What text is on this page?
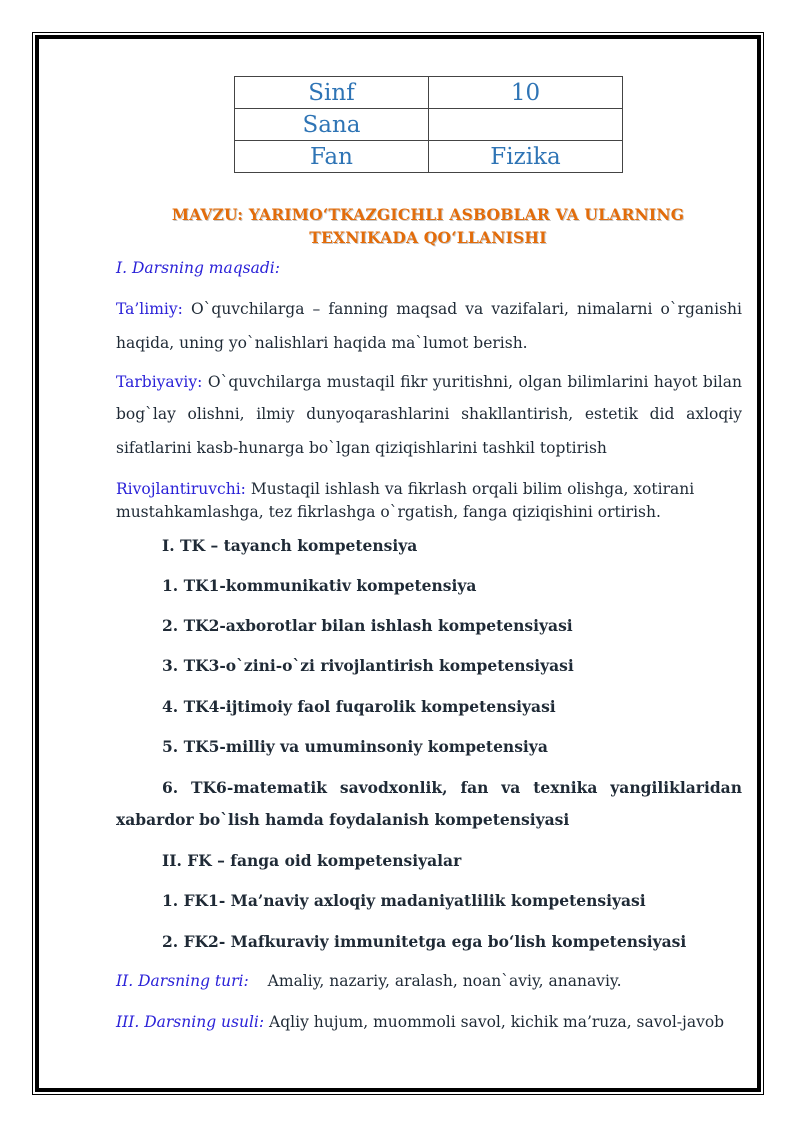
Sinf	10
Sana	
Fan	Fizika
MAVZU: YARIMO‘TKAZGICHLI ASBOBLAR VA ULARNING
TEXNIKADA QO‘LLANISHI
I. Darsning maqsadi:
Ta’limiy: O`quvchilarga – fanning maqsad va vazifalari, nimalarni o`rganishi
haqida, uning yo`nalishlari haqida ma`lumot berish.
Tarbiyaviy: O`quvchilarga mustaqil fikr yuritishni, olgan bilimlarini hayot bilan
bog`lay olishni, ilmiy dunyoqarashlarini shakllantirish, estetik did axloqiy
sifatlarini kasb-hunarga bo`lgan qiziqishlarini tashkil toptirish
Rivojlantiruvchi: Mustaqil ishlash va fikrlash orqali bilim olishga, xotirani
mustahkamlashga, tez fikrlashga o`rgatish, fanga qiziqishini ortirish.
I. TK – tayanch kompetensiya
1. TK1-kommunikativ kompetensiya
2. TK2-axborotlar bilan ishlash kompetensiyasi
3. TK3-o`zini-o`zi rivojlantirish kompetensiyasi
4. TK4-ijtimoiy faol fuqarolik kompetensiyasi
5. TK5-milliy va umuminsoniy kompetensiya
6. TK6-matematik savodxonlik, fan va texnika yangiliklaridan
xabardor bo`lish hamda foydalanish kompetensiyasi
II. FK – fanga oid kompetensiyalar
1. FK1- Ma’naviy axloqiy madaniyatlilik kompetensiyasi
2. FK2- Mafkuraviy immunitetga ega bo‘lish kompetensiyasi
II. Darsning turi: Amaliy, nazariy, aralash, noan`aviy, ananaviy.
III. Darsning usuli: Aqliy hujum, muommoli savol, kichik ma’ruza, savol-javob
